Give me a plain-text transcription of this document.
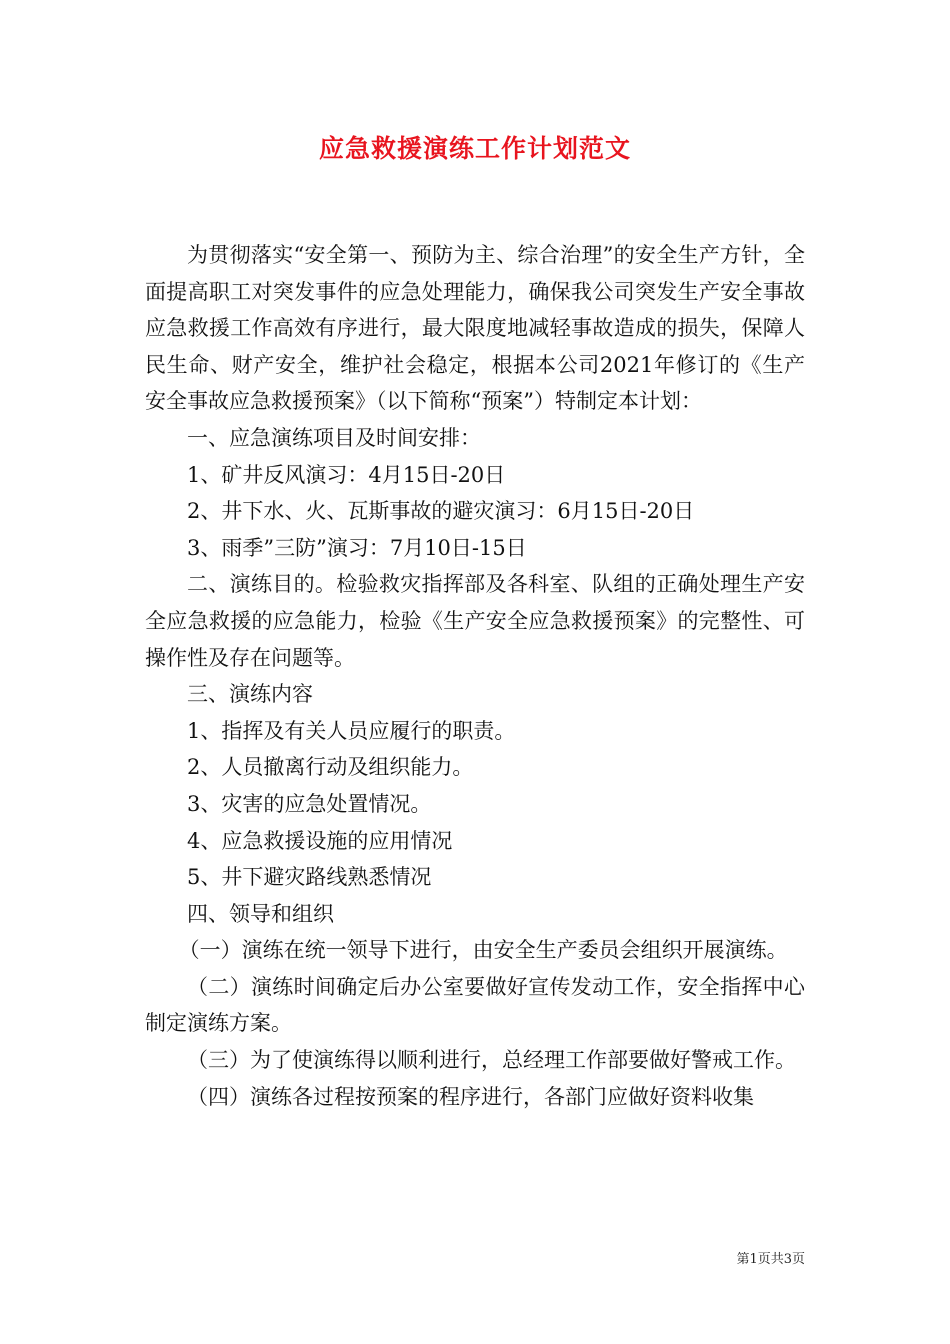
应急救援演练工作计划范文

为贯彻落实“安全第一、预防为主、综合治理”的安全生产方针，全面提高职工对突发事件的应急处理能力，确保我公司突发生产安全事故应急救援工作高效有序进行，最大限度地减轻事故造成的损失，保障人民生命、财产安全，维护社会稳定，根据本公司2021年修订的《生产安全事故应急救援预案》（以下简称“预案”）特制定本计划：

一、应急演练项目及时间安排：

1、矿井反风演习：4月15日-20日

2、井下水、火、瓦斯事故的避灾演习：6月15日-20日

3、雨季”三防”演习：7月10日-15日

二、演练目的。检验救灾指挥部及各科室、队组的正确处理生产安全应急救援的应急能力，检验《生产安全应急救援预案》的完整性、可操作性及存在问题等。

三、演练内容

1、指挥及有关人员应履行的职责。

2、人员撤离行动及组织能力。

3、灾害的应急处置情况。

4、应急救援设施的应用情况

5、井下避灾路线熟悉情况

四、领导和组织

（一）演练在统一领导下进行，由安全生产委员会组织开展演练。

（二）演练时间确定后办公室要做好宣传发动工作，安全指挥中心制定演练方案。

（三）为了使演练得以顺利进行，总经理工作部要做好警戒工作。

（四）演练各过程按预案的程序进行，各部门应做好资料收集

第1页共3页
